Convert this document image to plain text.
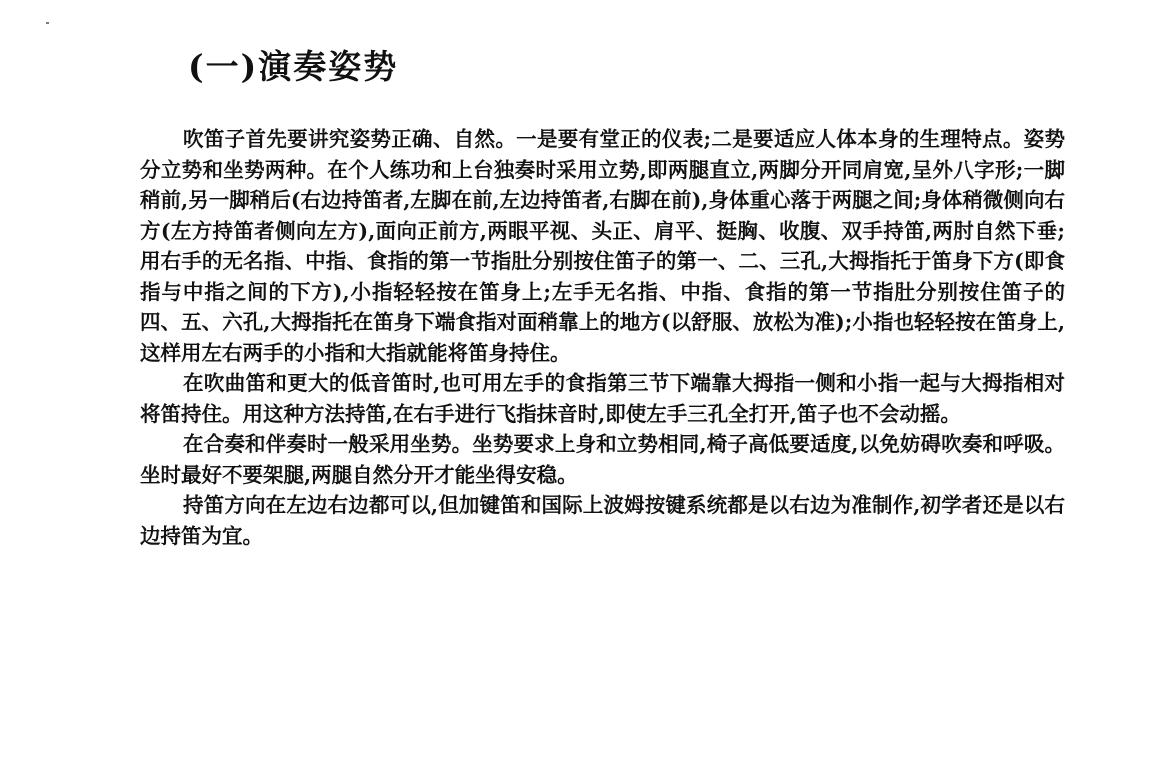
(一)演奏姿势

吹笛子首先要讲究姿势正确、自然。一是要有堂正的仪表;二是要适应人体本身的生理特点。姿势分立势和坐势两种。在个人练功和上台独奏时采用立势,即两腿直立,两脚分开同肩宽,呈外八字形;一脚稍前,另一脚稍后(右边持笛者,左脚在前,左边持笛者,右脚在前),身体重心落于两腿之间;身体稍微侧向右方(左方持笛者侧向左方),面向正前方,两眼平视、头正、肩平、挺胸、收腹、双手持笛,两肘自然下垂;用右手的无名指、中指、食指的第一节指肚分别按住笛子的第一、二、三孔,大拇指托于笛身下方(即食指与中指之间的下方),小指轻轻按在笛身上;左手无名指、中指、食指的第一节指肚分别按住笛子的四、五、六孔,大拇指托在笛身下端食指对面稍靠上的地方(以舒服、放松为准);小指也轻轻按在笛身上,这样用左右两手的小指和大指就能将笛身持住。

在吹曲笛和更大的低音笛时,也可用左手的食指第三节下端靠大拇指一侧和小指一起与大拇指相对将笛持住。用这种方法持笛,在右手进行飞指抹音时,即使左手三孔全打开,笛子也不会动摇。

在合奏和伴奏时一般采用坐势。坐势要求上身和立势相同,椅子高低要适度,以免妨碍吹奏和呼吸。坐时最好不要架腿,两腿自然分开才能坐得安稳。

持笛方向在左边右边都可以,但加键笛和国际上波姆按键系统都是以右边为准制作,初学者还是以右边持笛为宜。
